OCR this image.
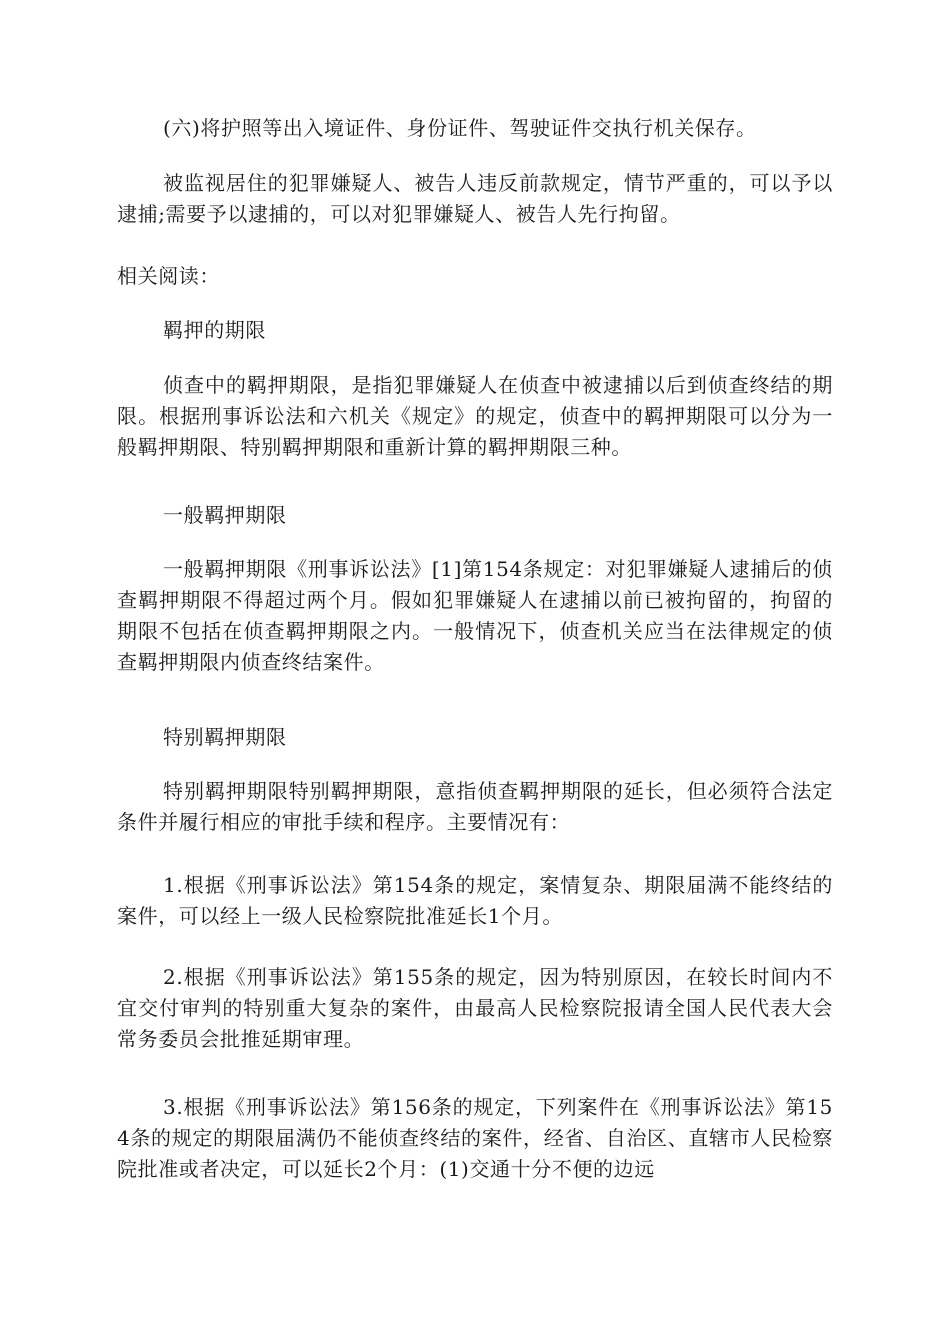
(六)将护照等出入境证件、身份证件、驾驶证件交执行机关保存。

被监视居住的犯罪嫌疑人、被告人违反前款规定，情节严重的，可以予以逮捕;需要予以逮捕的，可以对犯罪嫌疑人、被告人先行拘留。

相关阅读：

羁押的期限

侦查中的羁押期限，是指犯罪嫌疑人在侦查中被逮捕以后到侦查终结的期限。根据刑事诉讼法和六机关《规定》的规定，侦查中的羁押期限可以分为一般羁押期限、特别羁押期限和重新计算的羁押期限三种。

一般羁押期限

一般羁押期限《刑事诉讼法》[1]第154条规定：对犯罪嫌疑人逮捕后的侦查羁押期限不得超过两个月。假如犯罪嫌疑人在逮捕以前已被拘留的，拘留的期限不包括在侦查羁押期限之内。一般情况下，侦查机关应当在法律规定的侦查羁押期限内侦查终结案件。

特别羁押期限

特别羁押期限特别羁押期限，意指侦查羁押期限的延长，但必须符合法定条件并履行相应的审批手续和程序。主要情况有：

1.根据《刑事诉讼法》第154条的规定，案情复杂、期限届满不能终结的案件，可以经上一级人民检察院批准延长1个月。

2.根据《刑事诉讼法》第155条的规定，因为特别原因，在较长时间内不宜交付审判的特别重大复杂的案件，由最高人民检察院报请全国人民代表大会常务委员会批推延期审理。

3.根据《刑事诉讼法》第156条的规定，下列案件在《刑事诉讼法》第154条的规定的期限届满仍不能侦查终结的案件，经省、自治区、直辖市人民检察院批准或者决定，可以延长2个月：(1)交通十分不便的边远
